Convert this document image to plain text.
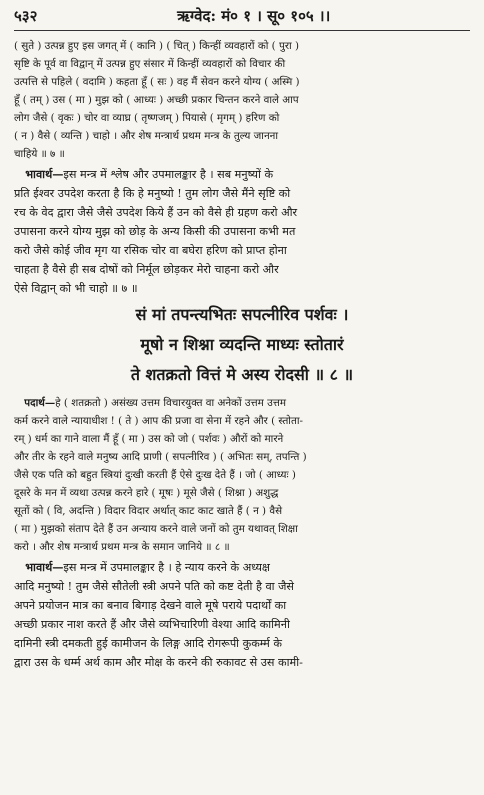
५३२	ऋग्वेद: मं० १ । सू० १०५ ।।
( सुते ) उत्पन्न हुए इस जगत् में ( कानि ) ( चित् ) किन्हीं व्यवहारों को ( पुरा )
सृष्टि के पूर्व वा विद्वान् में उत्पन्न हुए संसार में किन्हीं व्यवहारों को विचार की
उत्पत्ति से पहिले ( वदामि ) कहता हूँ ( सः ) वह मैं सेवन करने योग्य ( अस्मि )
हूँ ( तम् ) उस ( मा ) मुझ को ( आध्यः ) अच्छी प्रकार चिन्तन करने वाले आप
लोग जैसे ( वृकः ) चोर वा व्याघ्र ( तृष्णजम् ) पियासे ( मृगम् ) हरिण को
( न ) वैसे ( व्यन्ति ) चाहो । और शेष मन्त्रार्थ प्रथम मन्त्र के तुल्य जानना
चाहिये ॥ ७ ॥
 भावार्थ—इस मन्त्र में श्लेष और उपमालङ्कार है । सब मनुष्यों के
प्रति ईश्वर उपदेश करता है कि हे मनुष्यो ! तुम लोग जैसे मैंने सृष्टि को
रच के वेद द्वारा जैसे जैसे उपदेश किये हैं उन को वैसे ही ग्रहण करो और
उपासना करने योग्य मुझ को छोड़ के अन्य किसी की उपासना कभी मत
करो जैसे कोई जीव मृग या रसिक चोर वा बघेरा हरिण को प्राप्त होना
चाहता है वैसे ही सब दोषों को निर्मूल छोड़कर मेरो चाहना करो और
ऐसे विद्वान् को भी चाहो ॥ ७ ॥
सं मां तपन्त्यभितः सपत्नीरिव पर्शवः ।
मूषो न शिश्ना व्यदन्ति माध्यः स्तोतारं
ते शतक्रतो वित्तं मे अस्य रोदसी ॥ ८ ॥
 पदार्थ—हे ( शतक्रतो ) असंख्य उत्तम विचारयुक्त वा अनेकों उत्तम उत्तम
कर्म करने वाले न्यायाधीश ! ( ते ) आप की प्रजा वा सेना में रहने और ( स्तोता-
रम् ) धर्म का गाने वाला मैं हूँ ( मा ) उस को जो ( पर्शवः ) औरों को मारने
और तीर के रहने वाले मनुष्य आदि प्राणी ( सपत्नीरिव ) ( अभितः सम्, तपन्ति )
जैसे एक पति को बहुत स्त्रियां दुःखी करती हैं ऐसे दुःख देते हैं । जो ( आध्यः )
दूसरे के मन में व्यथा उत्पन्न करने हारे ( मूषः ) मूसे जैसे ( शिश्ना ) अशुद्ध
सूतों को ( वि, अदन्ति ) विदार विदार अर्थात् काट काट खाते हैं ( न ) वैसे
( मा ) मुझको संताप देते हैं उन अन्याय करने वाले जनों को तुम यथावत् शिक्षा
करो । और शेष मन्त्रार्थ प्रथम मन्त्र के समान जानिये ॥ ८ ॥
 भावार्थ—इस मन्त्र में उपमालङ्कार है । हे न्याय करने के अध्यक्ष
आदि मनुष्यो ! तुम जैसे सौतेली स्त्री अपने पति को कष्ट देती है वा जैसे
अपने प्रयोजन मात्र का बनाव बिगाड़ देखने वाले मूषे पराये पदार्थों का
अच्छी प्रकार नाश करते हैं और जैसे व्यभिचारिणी वेश्या आदि कामिनी
दामिनी स्त्री दमकती हुई कामीजन के लिङ्ग आदि रोगरूपी कुकर्म्म के
द्वारा उस के धर्म्म अर्थ काम और मोक्ष के करने की रुकावट से उस कामी-
